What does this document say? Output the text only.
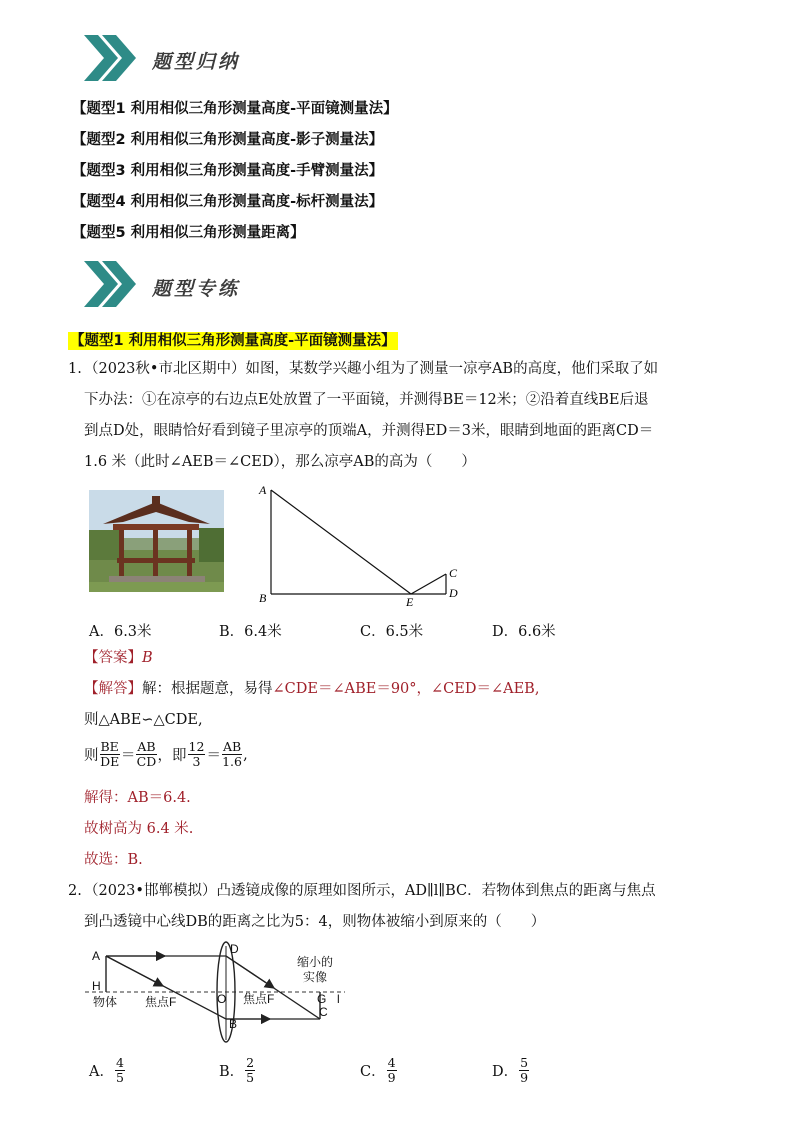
题型归纳
【题型1 利用相似三角形测量高度-平面镜测量法】
【题型2 利用相似三角形测量高度-影子测量法】
【题型3 利用相似三角形测量高度-手臂测量法】
【题型4 利用相似三角形测量高度-标杆测量法】
【题型5 利用相似三角形测量距离】
题型专练
【题型1 利用相似三角形测量高度-平面镜测量法】
1. （2023秋•市北区期中）如图，某数学兴趣小组为了测量一凉亭AB的高度，他们采取了如
下办法：①在凉亭的右边点E处放置了一平面镜，并测得BE＝12米；②沿着直线BE后退
到点D处，眼睛恰好看到镜子里凉亭的顶端A，并测得ED＝3米，眼睛到地面的距离CD＝
1.6 米（此时∠AEB＝∠CED），那么凉亭AB的高为（　　）
A
B	E
C
D
A．6.3米	B．6.4米	C．6.5米	D．6.6米
【答案】B
【解答】解：根据题意，易得∠CDE＝∠ABE＝90°，∠CED＝∠AEB,
则△ABE∽△CDE,
则 $\frac{BE}{DE} = \frac{AB}{CD}$ ，即 $\frac{12}{3} = \frac{AB}{1.6}$ ,
解得：AB＝6.4.
故树高为 6.4 米.
故选：B.
2. （2023•邯郸模拟）凸透镜成像的原理如图所示，AD∥l∥BC．若物体到焦点的距离与焦点
到凸透镜中心线DB的距离之比为5：4，则物体被缩小到原来的（　　）
A
H
物体 焦点F	O
D
B
焦点F	G l
C
缩小的
实像
A． $\frac{4}{5}$	B． $\frac{2}{5}$	C． $\frac{4}{9}$	D． $\frac{5}{9}$
